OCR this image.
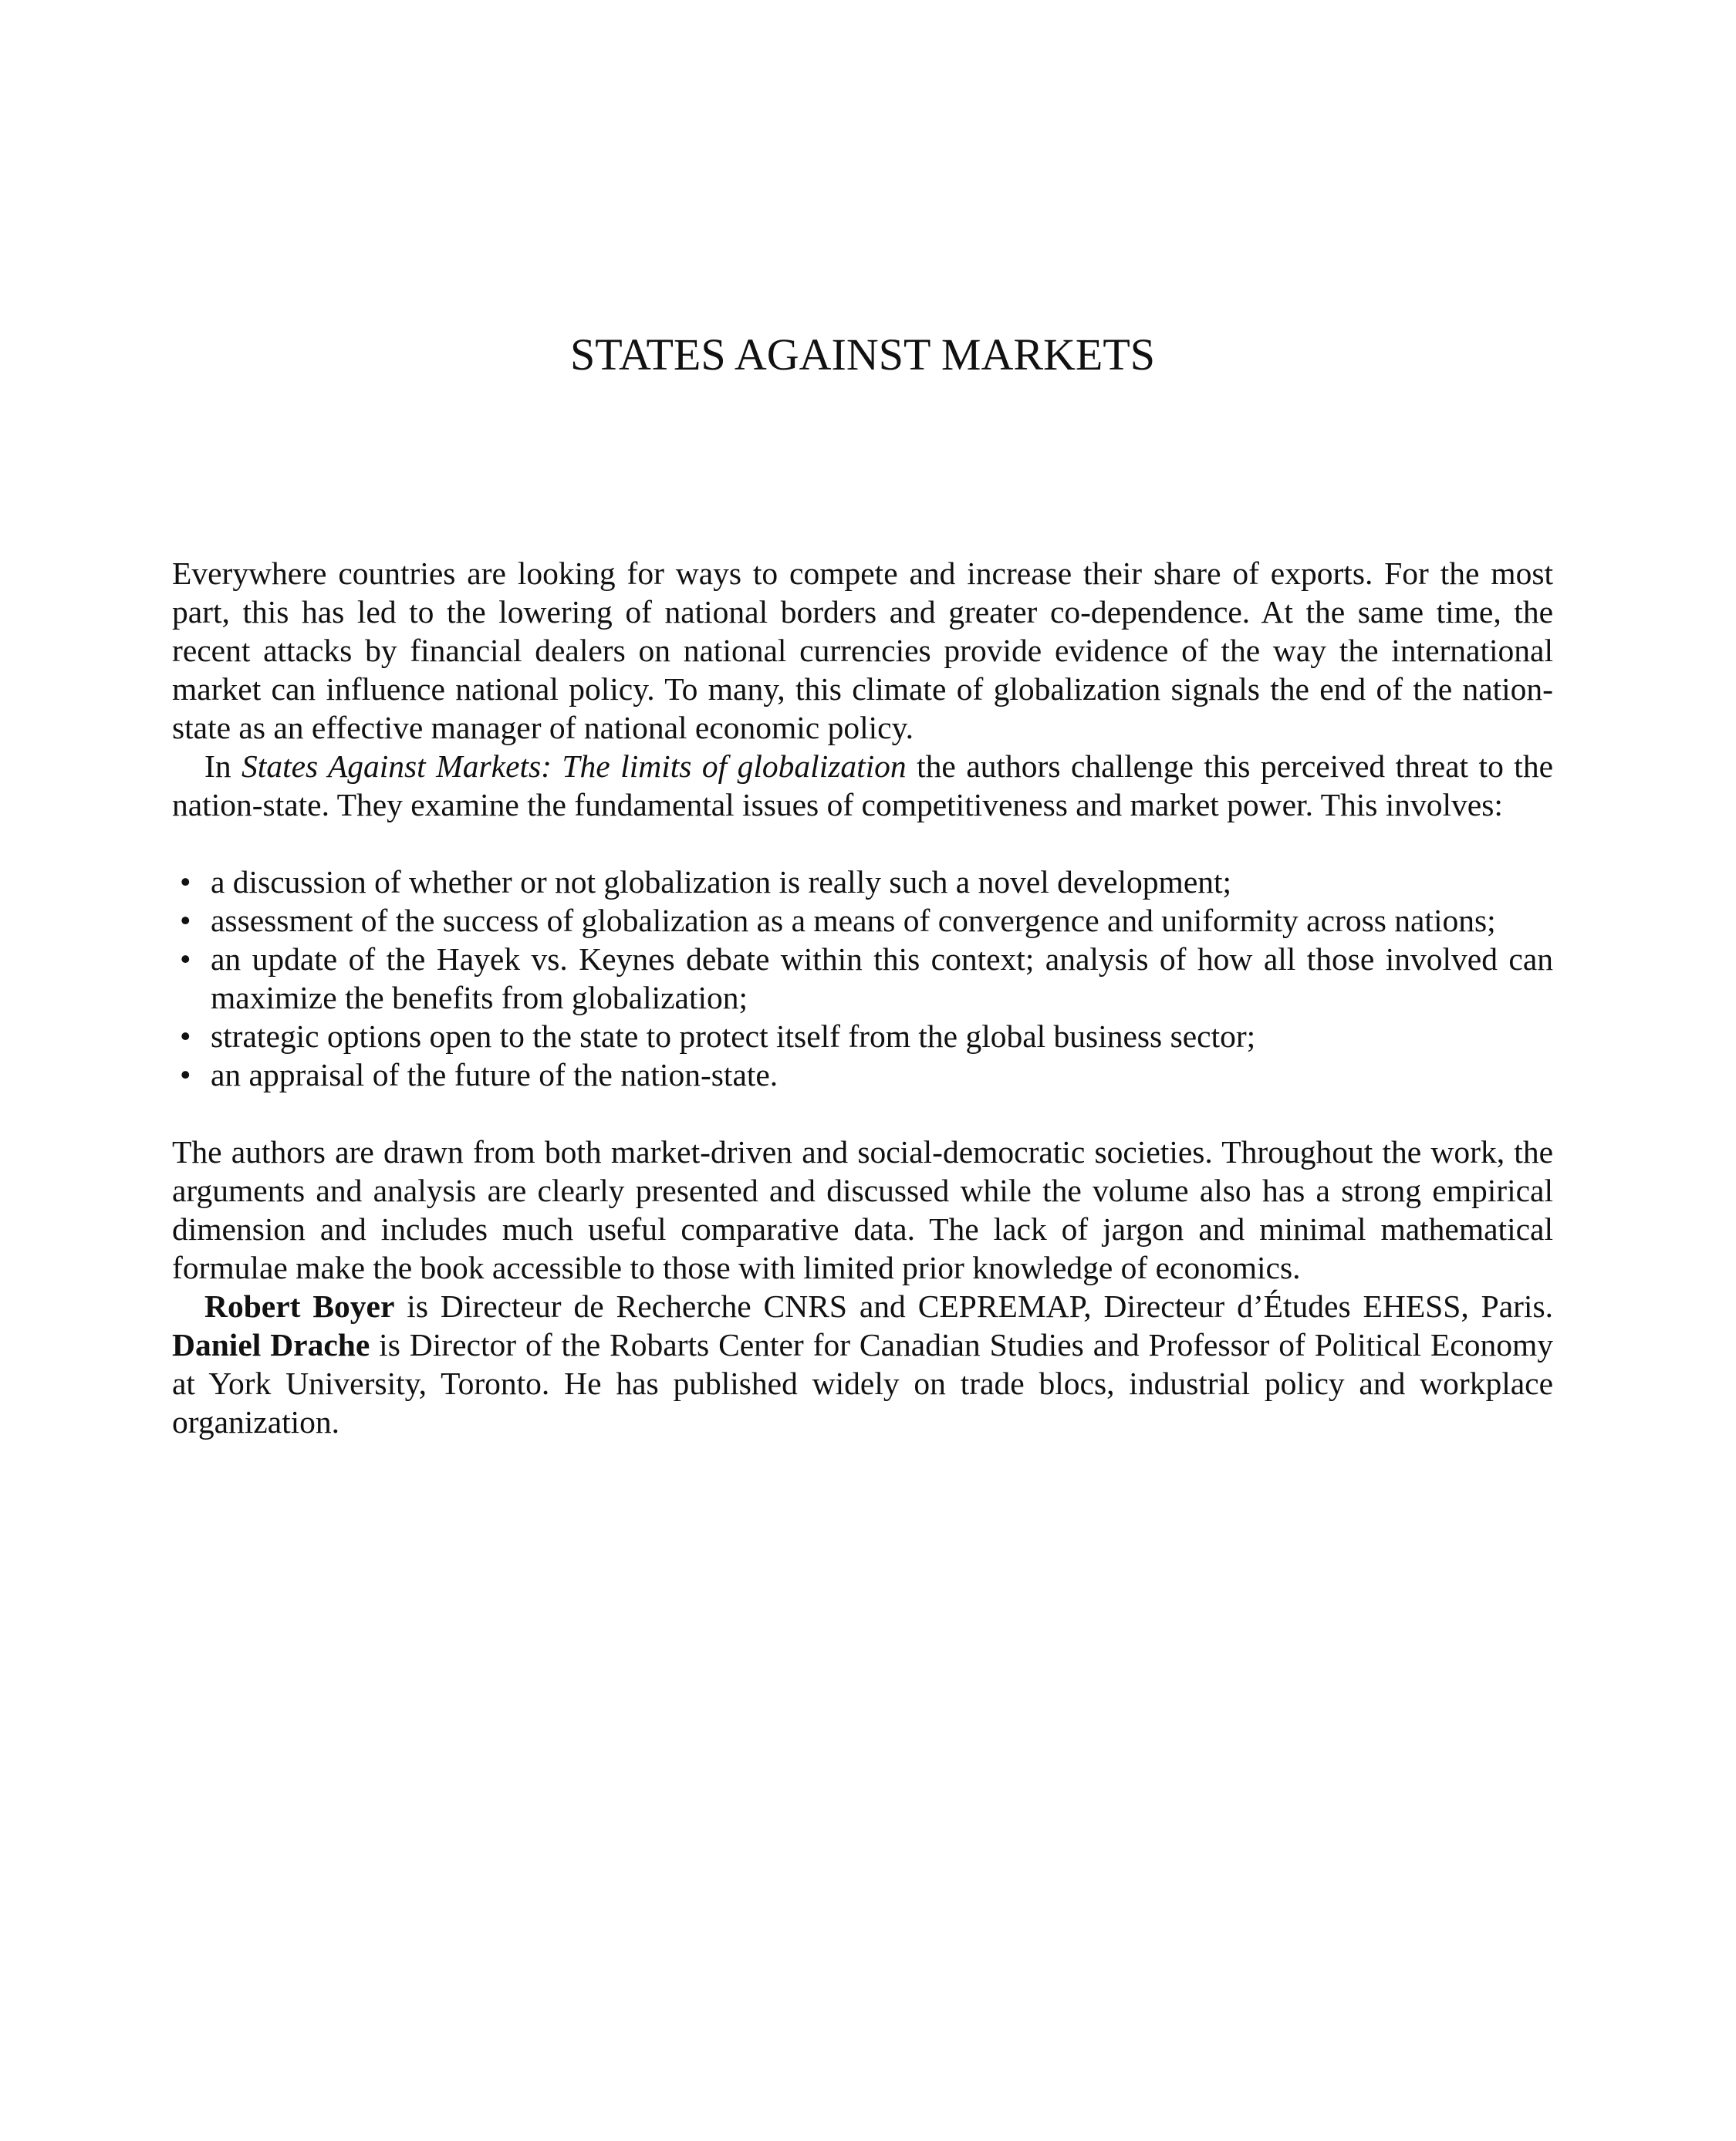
STATES AGAINST MARKETS

Everywhere countries are looking for ways to compete and increase their share of exports. For the most part, this has led to the lowering of national borders and greater co-dependence. At the same time, the recent attacks by financial dealers on national currencies provide evidence of the way the international market can influence national policy. To many, this climate of globalization signals the end of the nation-state as an effective manager of national economic policy.

In States Against Markets: The limits of globalization the authors challenge this perceived threat to the nation-state. They examine the fundamental issues of competitiveness and market power. This involves:

• a discussion of whether or not globalization is really such a novel development;
• assessment of the success of globalization as a means of convergence and uniformity across nations;
• an update of the Hayek vs. Keynes debate within this context; analysis of how all those involved can maximize the benefits from globalization;
• strategic options open to the state to protect itself from the global business sector;
• an appraisal of the future of the nation-state.

The authors are drawn from both market-driven and social-democratic societies. Throughout the work, the arguments and analysis are clearly presented and discussed while the volume also has a strong empirical dimension and includes much useful comparative data. The lack of jargon and minimal mathematical formulae make the book accessible to those with limited prior knowledge of economics.

Robert Boyer is Directeur de Recherche CNRS and CEPREMAP, Directeur d’Études EHESS, Paris. Daniel Drache is Director of the Robarts Center for Canadian Studies and Professor of Political Economy at York University, Toronto. He has published widely on trade blocs, industrial policy and workplace organization.
